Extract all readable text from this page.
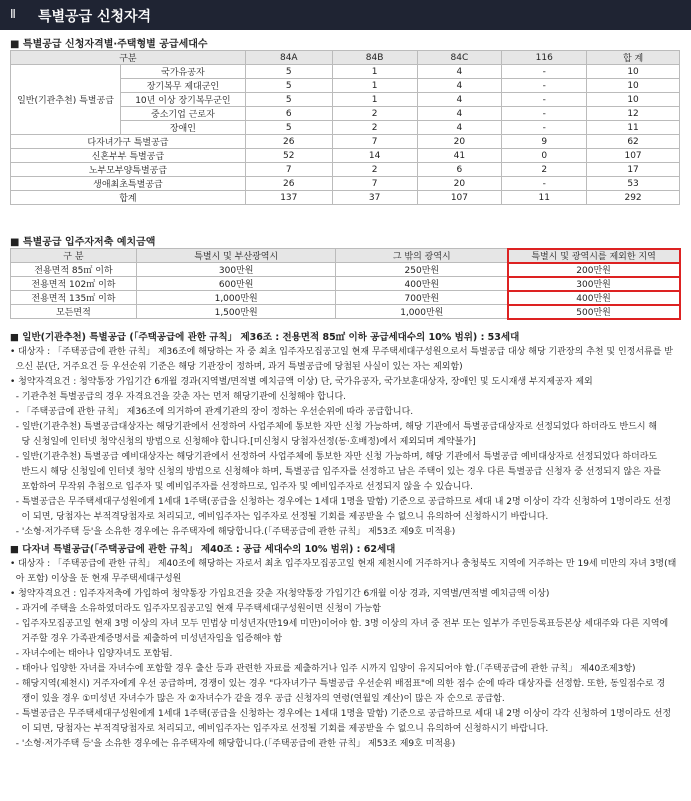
Ⅱ 특별공급 신청자격
■ 특별공급 신청자격별·주택형별 공급세대수
구분		84A	84B	84C	116	합 계
일반(기관추천) 특별공급	국가유공자	5	1	4	-	10
	장기복무 제대군인	5	1	4	-	10
	10년 이상 장기복무군인	5	1	4	-	10
	중소기업 근로자	6	2	4	-	12
	장애인	5	2	4	-	11
다자녀가구 특별공급		26	7	20	9	62
신혼부부 특별공급		52	14	41	0	107
노부모부양특별공급		7	2	6	2	17
생애최초특별공급		26	7	20	-	53
합계		137	37	107	11	292
■ 특별공급 입주자저축 예치금액
구 분	특별시 및 부산광역시	그 밖의 광역시	특별시 및 광역시를 제외한 지역
전용면적 85㎡ 이하	300만원	250만원	200만원
전용면적 102㎡ 이하	600만원	400만원	300만원
전용면적 135㎡ 이하	1,000만원	700만원	400만원
모든면적	1,500만원	1,000만원	500만원
■ 일반(기관추천) 특별공급 (「주택공급에 관한 규칙」 제36조 : 전용면적 85㎡ 이하 공급세대수의 10% 범위) : 53세대
• 대상자 : 「주택공급에 관한 규칙」 제36조에 해당하는 자 중 최초 입주자모집공고일 현재 무주택세대구성원으로서 특별공급 대상 해당 기관장의 추천 및 인정서류를 받
으신 분(단, 거주요건 등 우선순위 기준은 해당 기관장이 정하며, 과거 특별공급에 당첨된 사실이 있는 자는 제외함)
• 청약자격요건 : 청약통장 가입기간 6개월 경과(지역별/면적별 예치금액 이상) 단, 국가유공자, 국가보훈대상자, 장애인 및 도시재생 부지제공자 제외
- 기관추천 특별공급의 경우 자격요건을 갖춘 자는 먼저 해당기관에 신청해야 합니다.
- 「주택공급에 관한 규칙」 제36조에 의거하여 관계기관의 장이 정하는 우선순위에 따라 공급합니다.
- 일반(기관추천) 특별공급대상자는 해당기관에서 선정하여 사업주체에 통보한 자만 신청 가능하며, 해당 기관에서 특별공급대상자로 선정되었다 하더라도 반드시 해
당 신청일에 인터넷 청약신청의 방법으로 신청해야 합니다.[미신청시 당첨자선정(동·호배정)에서 제외되며 계약불가]
- 일반(기관추천) 특별공급 예비대상자는 해당기관에서 선정하여 사업주체에 통보한 자만 신청 가능하며, 해당 기관에서 특별공급 예비대상자로 선정되었다 하더라도
반드시 해당 신청일에 인터넷 청약 신청의 방법으로 신청해야 하며, 특별공급 입주자를 선정하고 남은 주택이 있는 경우 다른 특별공급 신청자 중 선정되지 않은 자를
포함하여 무작위 추첨으로 입주자 및 예비입주자를 선정하므로, 입주자 및 예비입주자로 선정되지 않을 수 있습니다.
- 특별공급은 무주택세대구성원에게 1세대 1주택(공급을 신청하는 경우에는 1세대 1명을 말함) 기준으로 공급하므로 세대 내 2명 이상이 각각 신청하여 1명이라도 선정
이 되면, 당첨자는 부적격당첨자로 처리되고, 예비입주자는 입주자로 선정될 기회를 제공받을 수 없으니 유의하여 신청하시기 바랍니다.
- '소형·저가주택 등'을 소유한 경우에는 유주택자에 해당합니다.(「주택공급에 관한 규칙」 제53조 제9호 미적용)
■ 다자녀 특별공급(「주택공급에 관한 규칙」 제40조 : 공급 세대수의 10% 범위) : 62세대
• 대상자 : 「주택공급에 관한 규칙」 제40조에 해당하는 자로서 최초 입주자모집공고일 현재 제천시에 거주하거나 충청북도 지역에 거주하는 만 19세 미만의 자녀 3명(태
아 포함) 이상을 둔 현재 무주택세대구성원
• 청약자격요건 : 입주자저축에 가입하여 청약통장 가입요건을 갖춘 자(청약통장 가입기간 6개월 이상 경과, 지역별/면적별 예치금액 이상)
- 과거에 주택을 소유하였더라도 입주자모집공고일 현재 무주택세대구성원이면 신청이 가능함
- 입주자모집공고일 현재 3명 이상의 자녀 모두 민법상 미성년자(만19세 미만)이어야 함. 3명 이상의 자녀 중 전부 또는 일부가 주민등록표등본상 세대주와 다른 지역에
거주할 경우 가족관계증명서를 제출하여 미성년자임을 입증해야 함
- 자녀수에는 태아나 입양자녀도 포함됨.
- 태아나 입양한 자녀를 자녀수에 포함할 경우 출산 등과 관련한 자료를 제출하거나 입주 시까지 입양이 유지되어야 함.(「주택공급에 관한 규칙」 제40조제3항)
- 해당지역(제천시) 거주자에게 우선 공급하며, 경쟁이 있는 경우 "다자녀가구 특별공급 우선순위 배점표"에 의한 점수 순에 따라 대상자를 선정함. 또한, 동일점수로 경
쟁이 있을 경우 ①미성년 자녀수가 많은 자 ②자녀수가 같을 경우 공급 신청자의 연령(연월일 계산)이 많은 자 순으로 공급함.
- 특별공급은 무주택세대구성원에게 1세대 1주택(공급을 신청하는 경우에는 1세대 1명을 말함) 기준으로 공급하므로 세대 내 2명 이상이 각각 신청하여 1명이라도 선정
이 되면, 당첨자는 부적격당첨자로 처리되고, 예비입주자는 입주자로 선정될 기회를 제공받을 수 없으니 유의하여 신청하시기 바랍니다.
- '소형·저가주택 등'을 소유한 경우에는 유주택자에 해당합니다.(「주택공급에 관한 규칙」 제53조 제9호 미적용)
